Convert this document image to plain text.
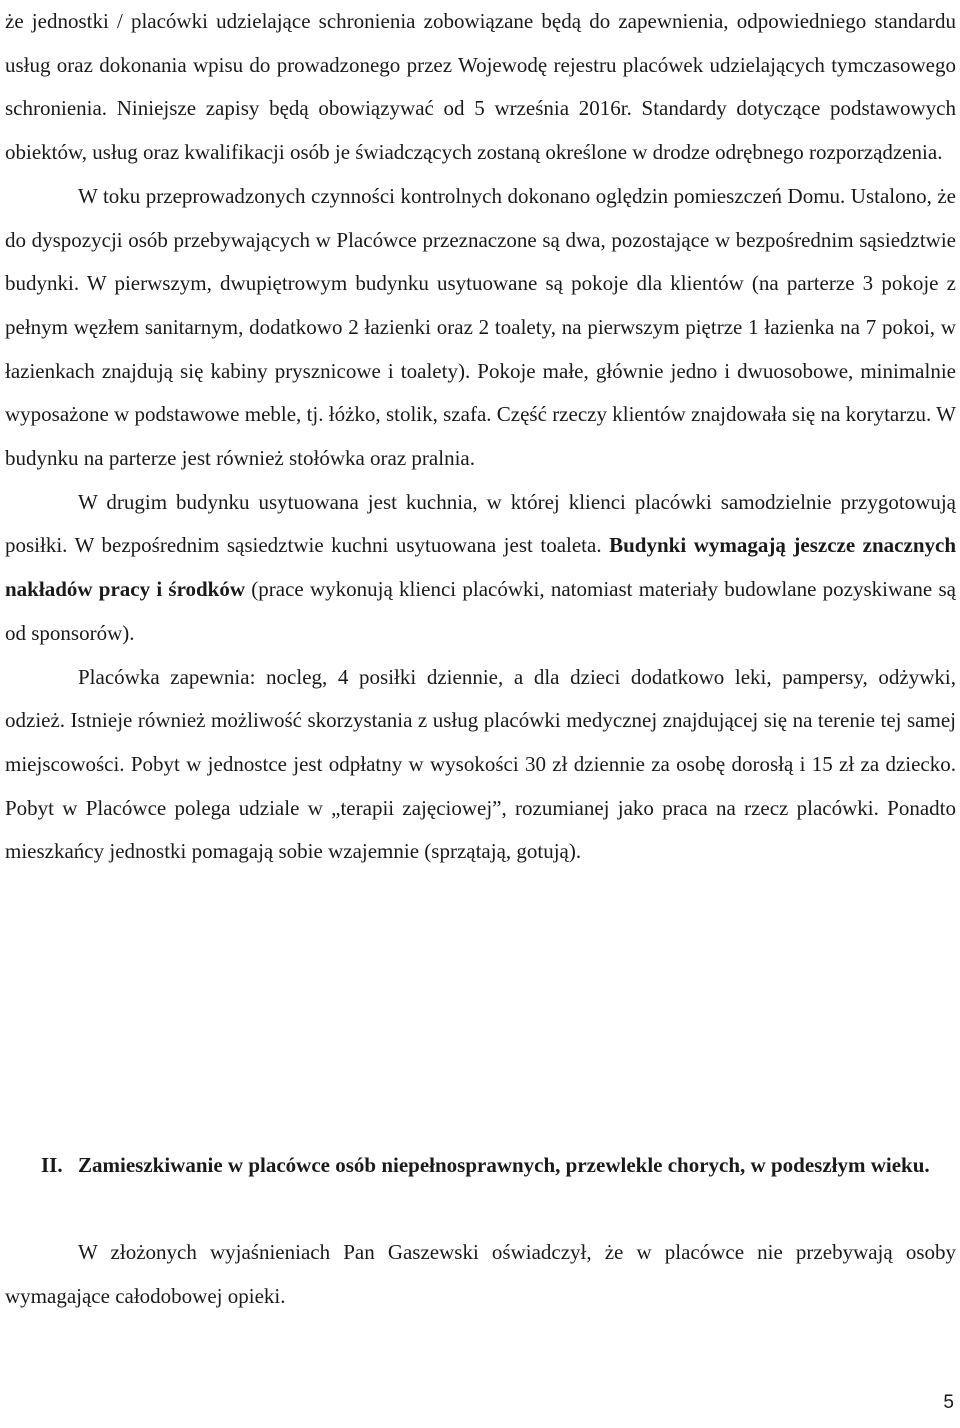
że jednostki / placówki udzielające schronienia zobowiązane będą do zapewnienia, odpowiedniego standardu usług oraz dokonania wpisu do prowadzonego przez Wojewodę rejestru placówek udzielających tymczasowego schronienia. Niniejsze zapisy będą obowiązywać od 5 września 2016r. Standardy dotyczące podstawowych obiektów, usług oraz kwalifikacji osób je świadczących zostaną określone w drodze odrębnego rozporządzenia.

W toku przeprowadzonych czynności kontrolnych dokonano oględzin pomieszczeń Domu. Ustalono, że do dyspozycji osób przebywających w Placówce przeznaczone są dwa, pozostające w bezpośrednim sąsiedztwie budynki. W pierwszym, dwupiętrowym budynku usytuowane są pokoje dla klientów (na parterze 3 pokoje z pełnym węzłem sanitarnym, dodatkowo 2 łazienki oraz 2 toalety, na pierwszym piętrze 1 łazienka na 7 pokoi, w łazienkach znajdują się kabiny prysznicowe i toalety). Pokoje małe, głównie jedno i dwuosobowe, minimalnie wyposażone w podstawowe meble, tj. łóżko, stolik, szafa. Część rzeczy klientów znajdowała się na korytarzu. W budynku na parterze jest również stołówka oraz pralnia.

W drugim budynku usytuowana jest kuchnia, w której klienci placówki samodzielnie przygotowują posiłki. W bezpośrednim sąsiedztwie kuchni usytuowana jest toaleta. Budynki wymagają jeszcze znacznych nakładów pracy i środków (prace wykonują klienci placówki, natomiast materiały budowlane pozyskiwane są od sponsorów).

Placówka zapewnia: nocleg, 4 posiłki dziennie, a dla dzieci dodatkowo leki, pampersy, odżywki, odzież. Istnieje również możliwość skorzystania z usług placówki medycznej znajdującej się na terenie tej samej miejscowości. Pobyt w jednostce jest odpłatny w wysokości 30 zł dziennie za osobę dorosłą i 15 zł za dziecko. Pobyt w Placówce polega udziale w „terapii zajęciowej”, rozumianej jako praca na rzecz placówki. Ponadto mieszkańcy jednostki pomagają sobie wzajemnie (sprzątają, gotują).

II. Zamieszkiwanie w placówce osób niepełnosprawnych, przewlekle chorych, w podeszłym wieku.

W złożonych wyjaśnieniach Pan Gaszewski oświadczył, że w placówce nie przebywają osoby wymagające całodobowej opieki.

5
